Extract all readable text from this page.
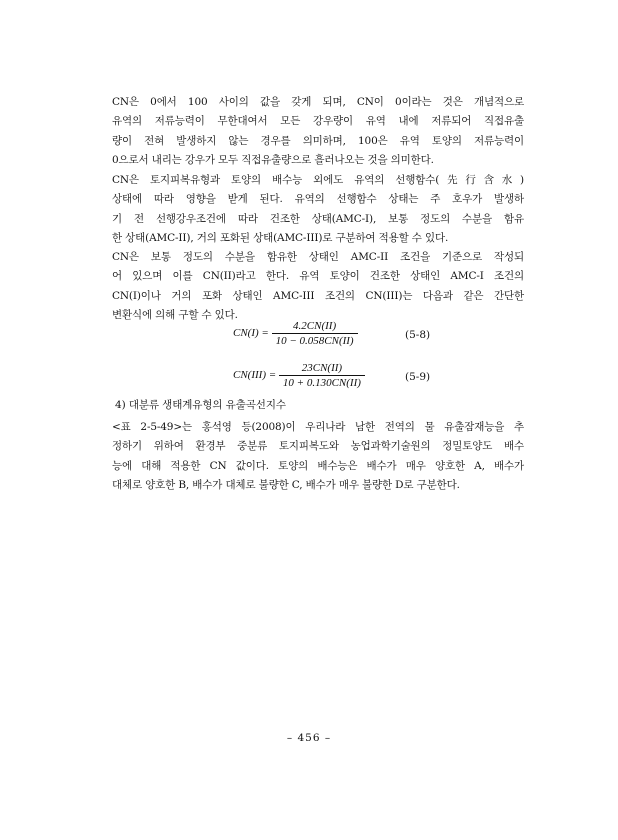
CN은 0에서 100 사이의 값을 갖게 되며, CN이 0이라는 것은 개념적으로
유역의 저류능력이 무한대여서 모든 강우량이 유역 내에 저류되어 직접유출
량이 전혀 발생하지 않는 경우를 의미하며, 100은 유역 토양의 저류능력이
0으로서 내리는 강우가 모두 직접유출량으로 흘러나오는 것을 의미한다.

CN은 토지피복유형과 토양의 배수능 외에도 유역의 선행함수(先行含水)
상태에 따라 영향을 받게 된다. 유역의 선행함수 상태는 주 호우가 발생하
기 전 선행강우조건에 따라 건조한 상태(AMC-I), 보통 정도의 수분을 함유
한 상태(AMC-II), 거의 포화된 상태(AMC-III)로 구분하여 적용할 수 있다.

CN은 보통 정도의 수분을 함유한 상태인 AMC-II 조건을 기준으로 작성되
어 있으며 이를 CN(II)라고 한다. 유역 토양이 건조한 상태인 AMC-I 조건의
CN(I)이나 거의 포화 상태인 AMC-III 조건의 CN(III)는 다음과 같은 간단한
변환식에 의해 구할 수 있다.

$CN(I) = \frac{4.2CN(II)}{10 - 0.058CN(II)}$	(5-8)
$CN(III) = \frac{23CN(II)}{10 + 0.130CN(II)}$	(5-9)
4) 대분류 생태계유형의 유출곡선지수

<표 2-5-49>는 홍석영 등(2008)이 우리나라 남한 전역의 물 유출잠재능을 추
정하기 위하여 환경부 중분류 토지피복도와 농업과학기술원의 정밀토양도 배수
능에 대해 적용한 CN 값이다. 토양의 배수능은 배수가 매우 양호한 A, 배수가
대체로 양호한 B, 배수가 대체로 불량한 C, 배수가 매우 불량한 D로 구분한다.

– 456 –
